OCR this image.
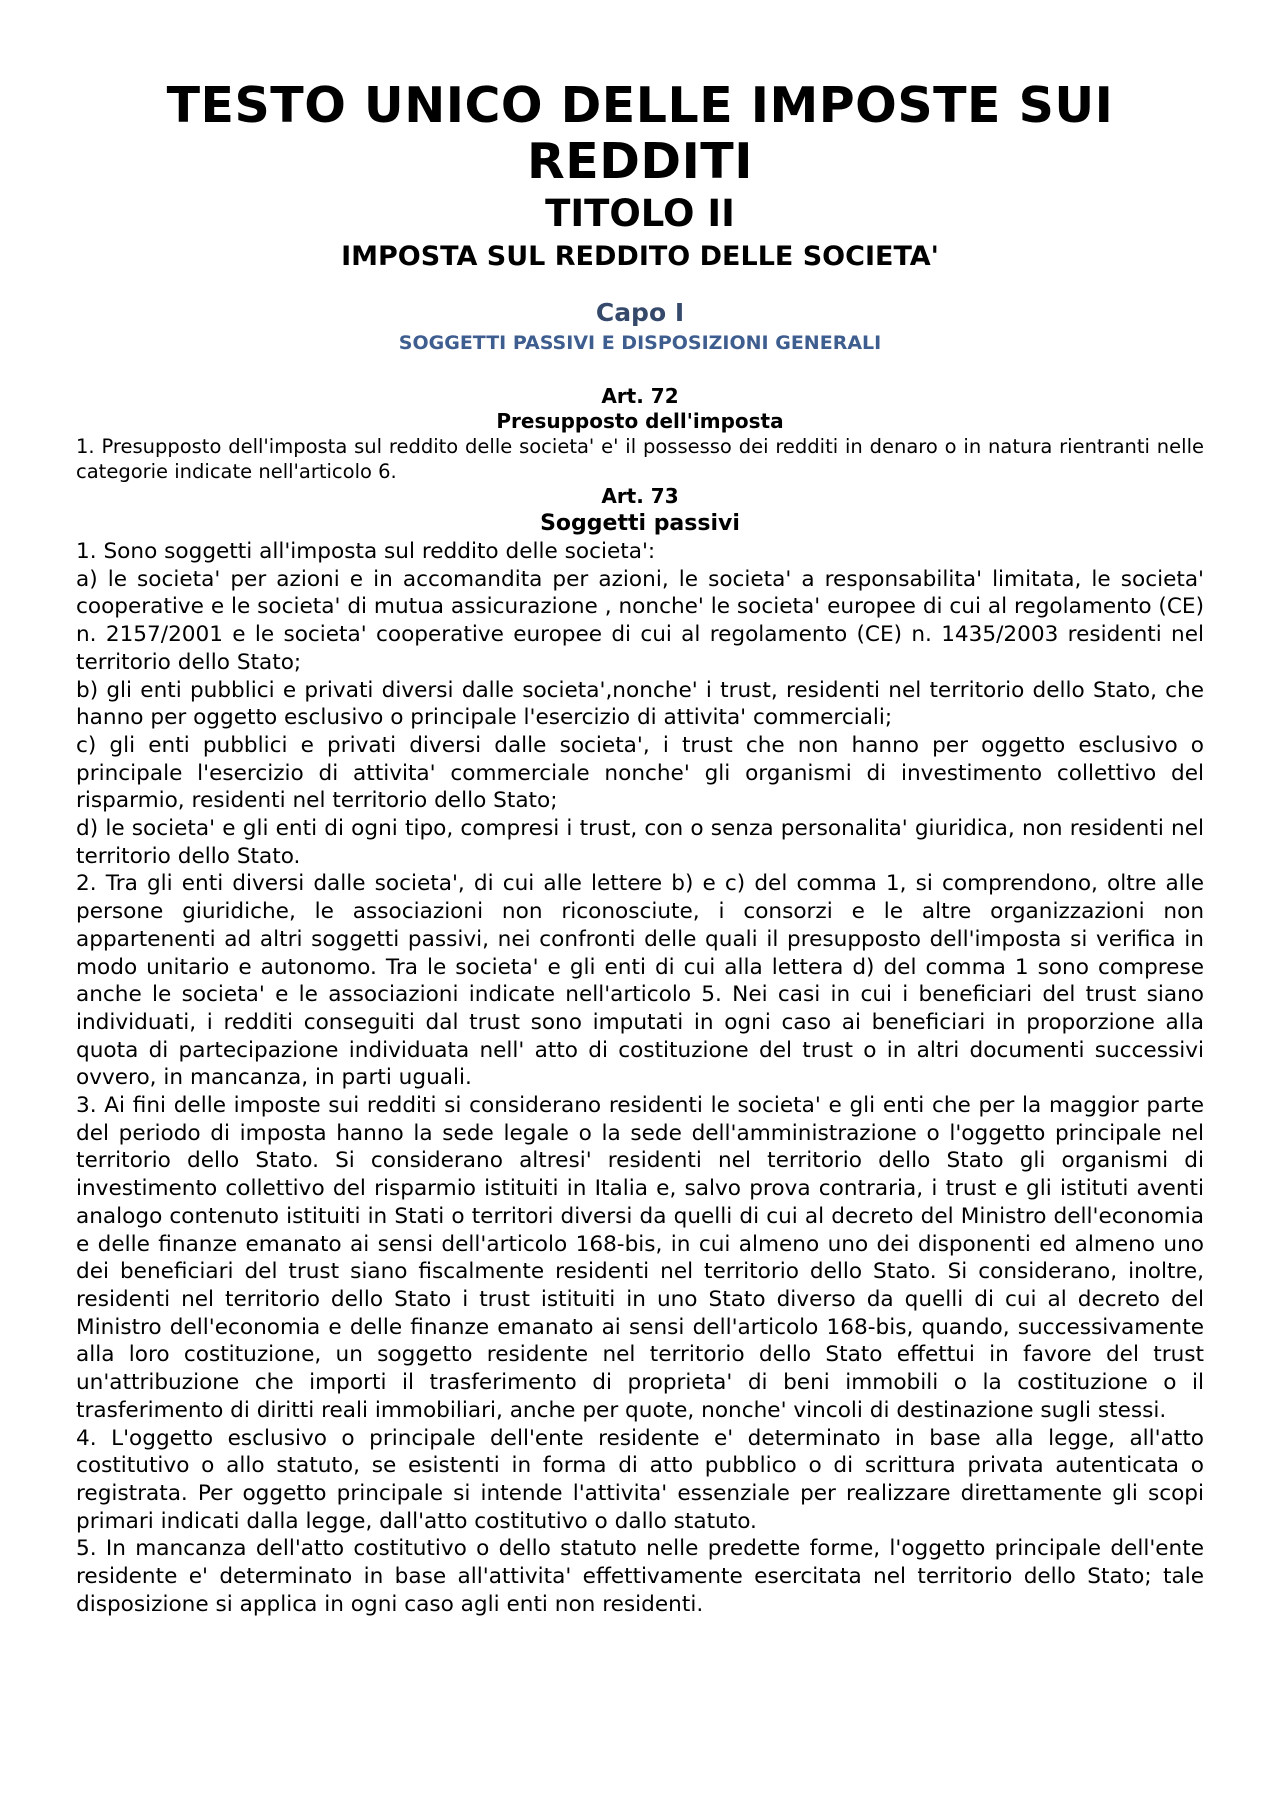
TESTO UNICO DELLE IMPOSTE SUI REDDITI
TITOLO II
IMPOSTA SUL REDDITO DELLE SOCIETA'
Capo I
SOGGETTI PASSIVI E DISPOSIZIONI GENERALI
Art. 72
Presupposto dell'imposta

1. Presupposto dell'imposta sul reddito delle societa' e' il possesso dei redditi in denaro o in natura rientranti nelle categorie indicate nell'articolo 6.

Art. 73
Soggetti passivi

1. Sono soggetti all'imposta sul reddito delle societa':

a) le societa' per azioni e in accomandita per azioni, le societa' a responsabilita' limitata, le societa' cooperative e le societa' di mutua assicurazione , nonche' le societa' europee di cui al regolamento (CE) n. 2157/2001 e le societa' cooperative europee di cui al regolamento (CE) n. 1435/2003 residenti nel territorio dello Stato;

b) gli enti pubblici e privati diversi dalle societa',nonche' i trust, residenti nel territorio dello Stato, che hanno per oggetto esclusivo o principale l'esercizio di attivita' commerciali;

c) gli enti pubblici e privati diversi dalle societa', i trust che non hanno per oggetto esclusivo o principale l'esercizio di attivita' commerciale nonche' gli organismi di investimento collettivo del risparmio, residenti nel territorio dello Stato;

d) le societa' e gli enti di ogni tipo, compresi i trust, con o senza personalita' giuridica, non residenti nel territorio dello Stato.

2. Tra gli enti diversi dalle societa', di cui alle lettere b) e c) del comma 1, si comprendono, oltre alle persone giuridiche, le associazioni non riconosciute, i consorzi e le altre organizzazioni non appartenenti ad altri soggetti passivi, nei confronti delle quali il presupposto dell'imposta si verifica in modo unitario e autonomo. Tra le societa' e gli enti di cui alla lettera d) del comma 1 sono comprese anche le societa' e le associazioni indicate nell'articolo 5. Nei casi in cui i beneficiari del trust siano individuati, i redditi conseguiti dal trust sono imputati in ogni caso ai beneficiari in proporzione alla quota di partecipazione individuata nell' atto di costituzione del trust o in altri documenti successivi ovvero, in mancanza, in parti uguali.

3. Ai fini delle imposte sui redditi si considerano residenti le societa' e gli enti che per la maggior parte del periodo di imposta hanno la sede legale o la sede dell'amministrazione o l'oggetto principale nel territorio dello Stato. Si considerano altresi' residenti nel territorio dello Stato gli organismi di investimento collettivo del risparmio istituiti in Italia e, salvo prova contraria, i trust e gli istituti aventi analogo contenuto istituiti in Stati o territori diversi da quelli di cui al decreto del Ministro dell'economia e delle finanze emanato ai sensi dell'articolo 168-bis, in cui almeno uno dei disponenti ed almeno uno dei beneficiari del trust siano fiscalmente residenti nel territorio dello Stato. Si considerano, inoltre, residenti nel territorio dello Stato i trust istituiti in uno Stato diverso da quelli di cui al decreto del Ministro dell'economia e delle finanze emanato ai sensi dell'articolo 168-bis, quando, successivamente alla loro costituzione, un soggetto residente nel territorio dello Stato effettui in favore del trust un'attribuzione che importi il trasferimento di proprieta' di beni immobili o la costituzione o il trasferimento di diritti reali immobiliari, anche per quote, nonche' vincoli di destinazione sugli stessi.

4. L'oggetto esclusivo o principale dell'ente residente e' determinato in base alla legge, all'atto costitutivo o allo statuto, se esistenti in forma di atto pubblico o di scrittura privata autenticata o registrata. Per oggetto principale si intende l'attivita' essenziale per realizzare direttamente gli scopi primari indicati dalla legge, dall'atto costitutivo o dallo statuto.

5. In mancanza dell'atto costitutivo o dello statuto nelle predette forme, l'oggetto principale dell'ente residente e' determinato in base all'attivita' effettivamente esercitata nel territorio dello Stato; tale disposizione si applica in ogni caso agli enti non residenti.
